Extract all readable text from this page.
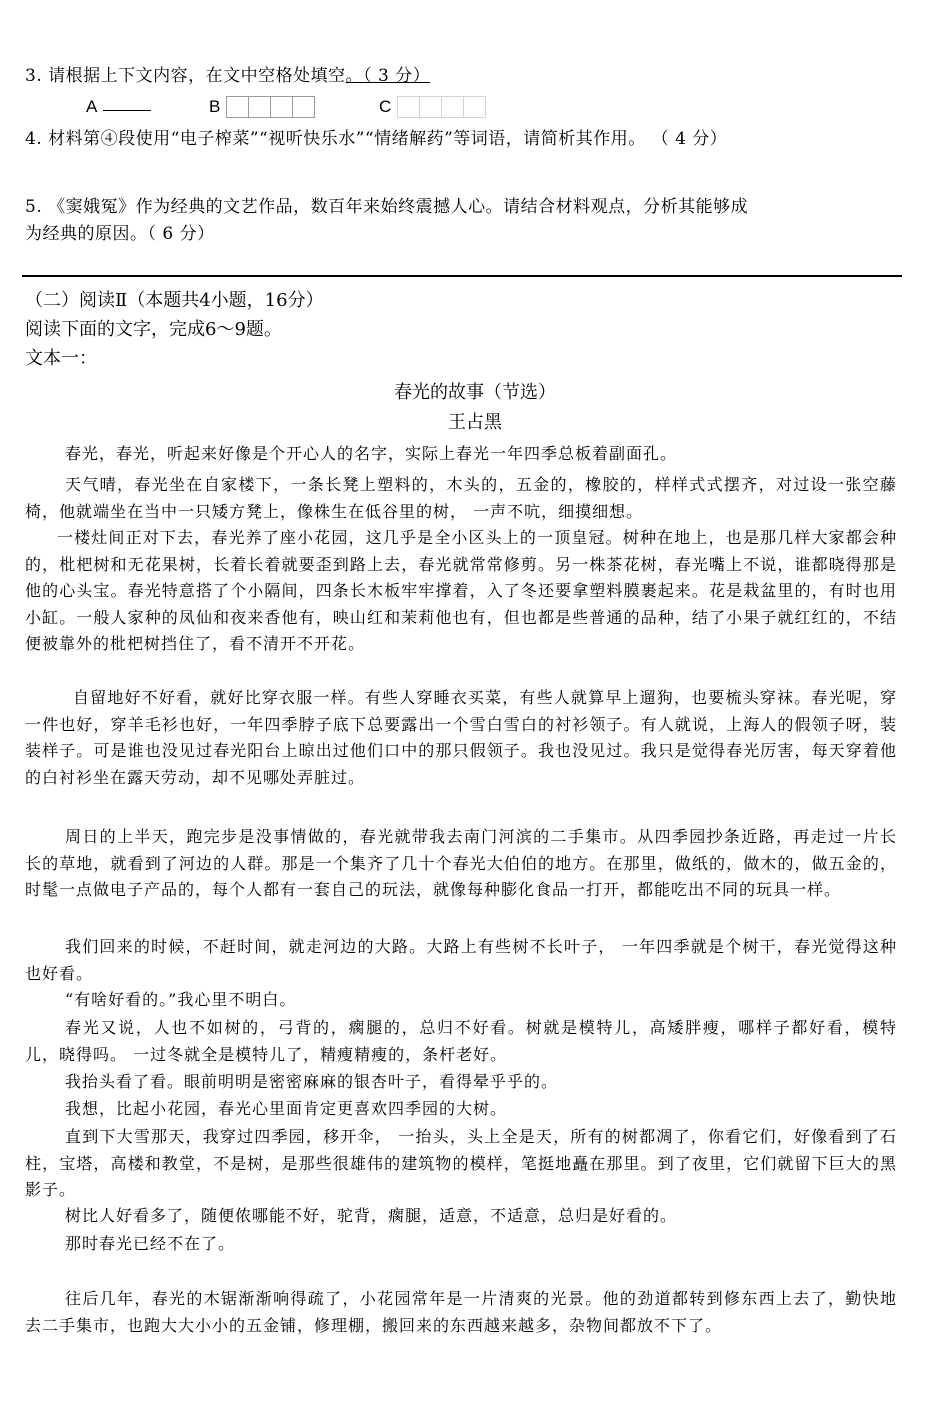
3. 请根据上下文内容，在文中空格处填空。（ 3 分）
A	B	C
4. 材料第④段使用“电子榨菜”“视听快乐水”“情绪解药”等词语，请简析其作用。 （ 4 分）
5. 《窦娥冤》作为经典的文艺作品，数百年来始终震撼人心。请结合材料观点，分析其能够成
为经典的原因。（ 6 分）
（二）阅读Ⅱ（本题共4小题，16分）
阅读下面的文字，完成6～9题。
文本一：
春光的故事（节选）
王占黑
春光，春光，听起来好像是个开心人的名字，实际上春光一年四季总板着副面孔。
天气晴，春光坐在自家楼下，一条长凳上塑料的，木头的，五金的，橡胶的，样样式式摆齐，对过设一张空藤椅，他就端坐在当中一只矮方凳上，像株生在低谷里的树， 一声不吭，细摸细想。
一楼灶间正对下去，春光养了座小花园，这几乎是全小区头上的一顶皇冠。树种在地上，也是那几样大家都会种的，枇杷树和无花果树，长着长着就要歪到路上去，春光就常常修剪。另一株茶花树，春光嘴上不说，谁都晓得那是他的心头宝。春光特意搭了个小隔间，四条长木板牢牢撑着，入了冬还要拿塑料膜裹起来。花是栽盆里的，有时也用小缸。一般人家种的凤仙和夜来香他有，映山红和茉莉他也有，但也都是些普通的品种，结了小果子就红红的，不结便被靠外的枇杷树挡住了，看不清开不开花。
自留地好不好看，就好比穿衣服一样。有些人穿睡衣买菜，有些人就算早上遛狗，也要梳头穿袜。春光呢，穿一件也好，穿羊毛衫也好，一年四季脖子底下总要露出一个雪白雪白的衬衫领子。有人就说，上海人的假领子呀，装装样子。可是谁也没见过春光阳台上晾出过他们口中的那只假领子。我也没见过。我只是觉得春光厉害，每天穿着他的白衬衫坐在露天劳动，却不见哪处弄脏过。
周日的上半天，跑完步是没事情做的，春光就带我去南门河滨的二手集市。从四季园抄条近路，再走过一片长长的草地，就看到了河边的人群。那是一个集齐了几十个春光大伯伯的地方。在那里，做纸的，做木的，做五金的，时髦一点做电子产品的，每个人都有一套自己的玩法，就像每种膨化食品一打开，都能吃出不同的玩具一样。
我们回来的时候，不赶时间，就走河边的大路。大路上有些树不长叶子， 一年四季就是个树干，春光觉得这种也好看。
“有啥好看的。”我心里不明白。
春光又说，人也不如树的，弓背的，瘸腿的，总归不好看。树就是模特儿，高矮胖瘦，哪样子都好看，模特儿，晓得吗。 一过冬就全是模特儿了，精瘦精瘦的，条杆老好。
我抬头看了看。眼前明明是密密麻麻的银杏叶子，看得晕乎乎的。
我想，比起小花园，春光心里面肯定更喜欢四季园的大树。
直到下大雪那天，我穿过四季园，移开伞， 一抬头，头上全是天，所有的树都凋了，你看它们，好像看到了石柱，宝塔，高楼和教堂，不是树，是那些很雄伟的建筑物的模样，笔挺地矗在那里。到了夜里，它们就留下巨大的黑影子。
树比人好看多了，随便侬哪能不好，驼背，瘸腿，适意，不适意，总归是好看的。
那时春光已经不在了。
往后几年，春光的木锯渐渐响得疏了，小花园常年是一片清爽的光景。他的劲道都转到修东西上去了，勤快地去二手集市，也跑大大小小的五金铺，修理棚，搬回来的东西越来越多，杂物间都放不下了。
